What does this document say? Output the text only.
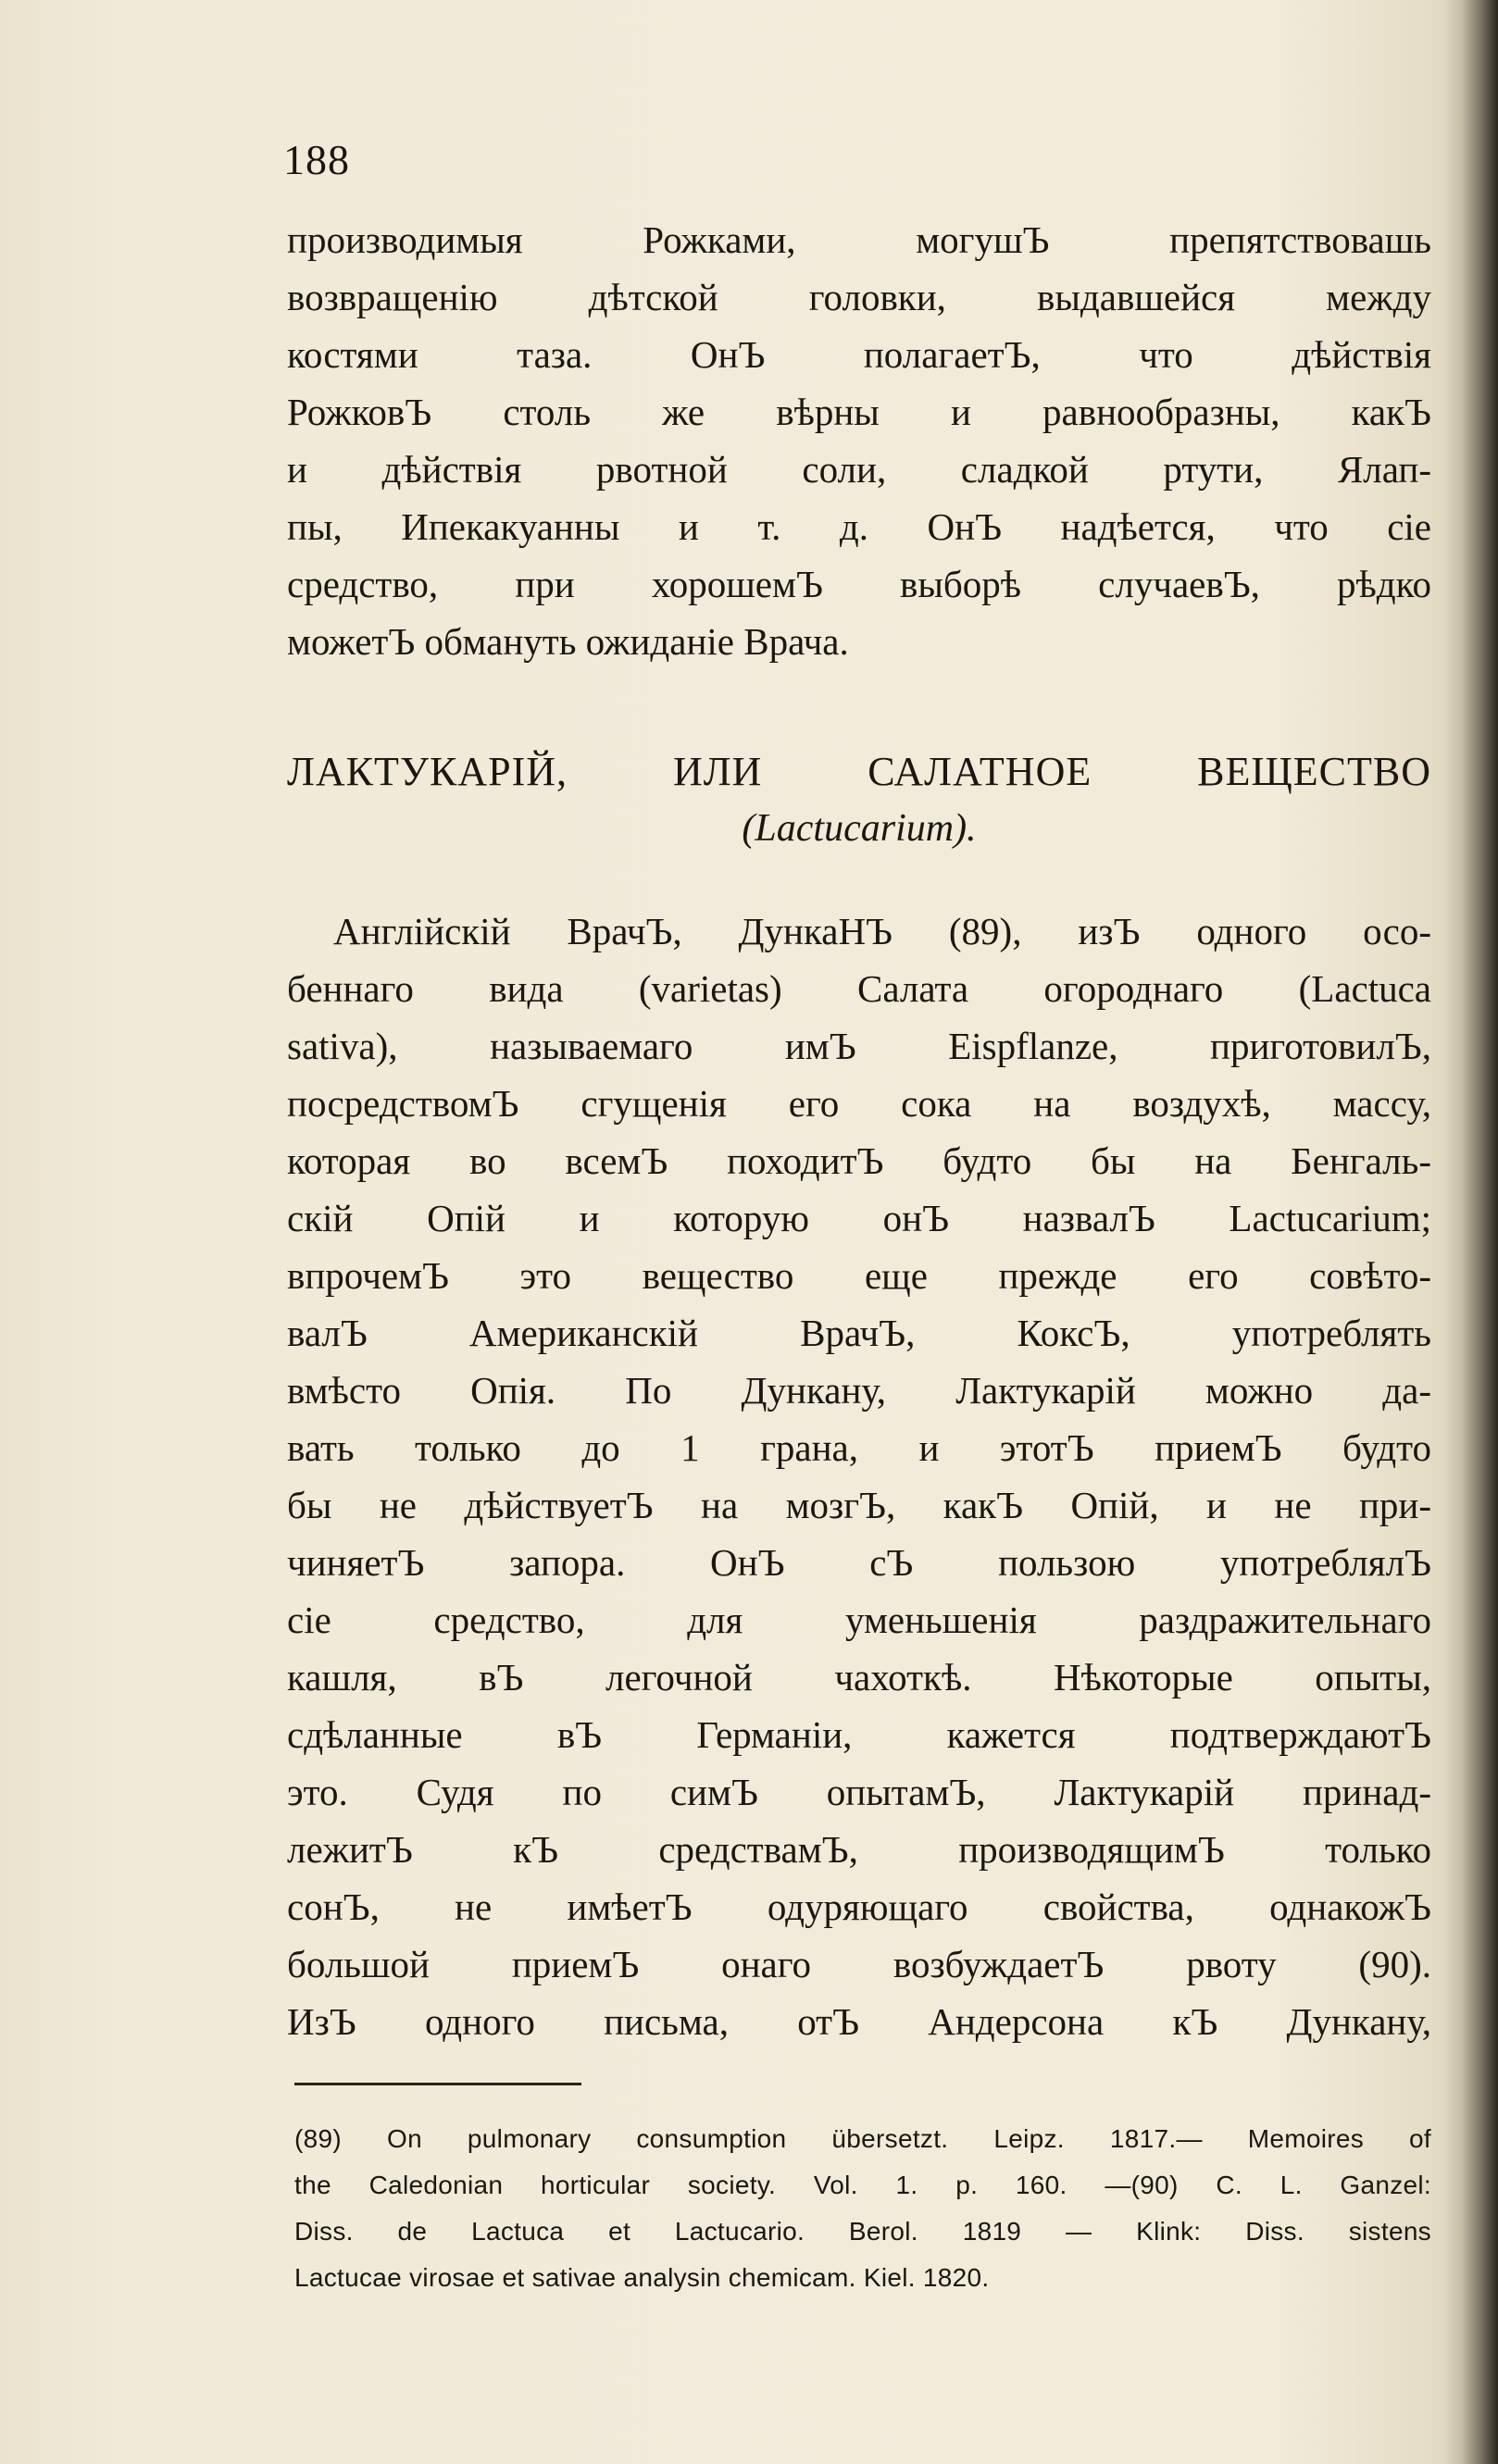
188
производимыя Рожками, могушЪ препятствовашь
возвращенію дѣтской головки, выдавшейся между
костями таза. ОнЪ полагаетЪ, что дѣйствія
РожковЪ столь же вѣрны и равнообразны, какЪ
и дѣйствія рвотной соли, сладкой ртути, Ялап-
пы, Ипекакуанны и т. д. ОнЪ надѣется, что сіе
средство, при хорошемЪ выборѣ случаевЪ, рѣдко
можетЪ обмануть ожиданіе Врача.
ЛАКТУКАРІЙ, ИЛИ САЛАТНОЕ ВЕЩЕСТВО
(Lactucarium).
Англійскій ВрачЪ, ДункаНЪ (89), изЪ одного осо-
беннаго вида (varietas) Салата огороднаго (Lactuca
sativa), называемаго имЪ Eispflanze, приготовилЪ,
посредствомЪ сгущенія его сока на воздухѣ, массу,
которая во всемЪ походитЪ будто бы на Бенгаль-
скій Опій и которую онЪ назвалЪ Lactucarium;
впрочемЪ это вещество еще прежде его совѣто-
валЪ Американскій ВрачЪ, КоксЪ, употреблять
вмѣсто Опія. По Дункану, Лактукарій можно да-
вать только до 1 грана, и этотЪ приемЪ будто
бы не дѣйствуетЪ на мозгЪ, какЪ Опій, и не при-
чиняетЪ запора. ОнЪ сЪ пользою употреблялЪ
сіе средство, для уменьшенія раздражительнаго
кашля, вЪ легочной чахоткѣ. Нѣкоторые опыты,
сдѣланные вЪ Германіи, кажется подтверждаютЪ
это. Судя по симЪ опытамЪ, Лактукарій принад-
лежитЪ кЪ средствамЪ, производящимЪ только
сонЪ, не имѣетЪ одуряющаго свойства, однакожЪ
большой приемЪ онаго возбуждаетЪ рвоту (90).
ИзЪ одного письма, отЪ Андерсона кЪ Дункану,
(89) On pulmonary consumption übersetzt. Leipz. 1817.— Memoires of
the Caledonian horticular society. Vol. 1. p. 160. —(90) C. L. Ganzel:
Diss. de Lactuca et Lactucario. Berol. 1819 — Klink: Diss. sistens
Lactucae virosae et sativae analysin chemicam. Kiel. 1820.
